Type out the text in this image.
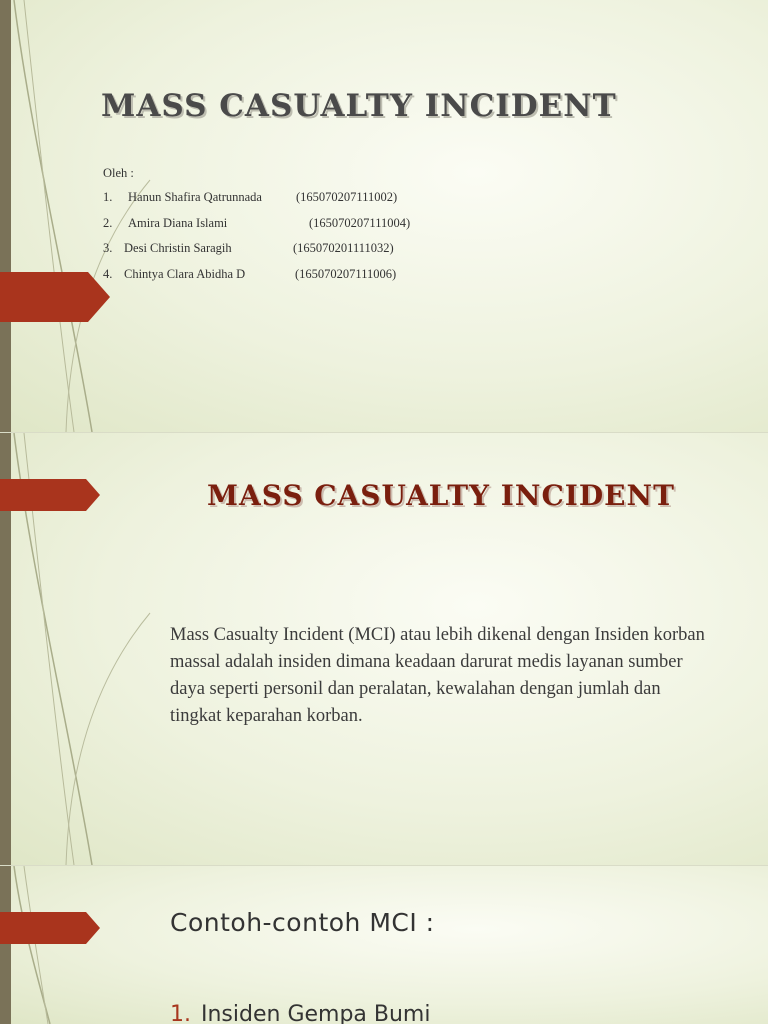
MASS CASUALTY INCIDENT
Oleh :
1.	Hanun Shafira Qatrunnada	(165070207111002)
2.	Amira Diana Islami	(165070207111004)
3. Desi Christin Saragih	(165070201111032)
4. Chintya Clara Abidha D	(165070207111006)
MASS CASUALTY INCIDENT

Mass Casualty Incident (MCI) atau lebih dikenal dengan Insiden korban massal adalah insiden dimana keadaan darurat medis layanan sumber daya seperti personil dan peralatan, kewalahan dengan jumlah dan tingkat keparahan korban.

Contoh-contoh MCI :
1. Insiden Gempa Bumi
